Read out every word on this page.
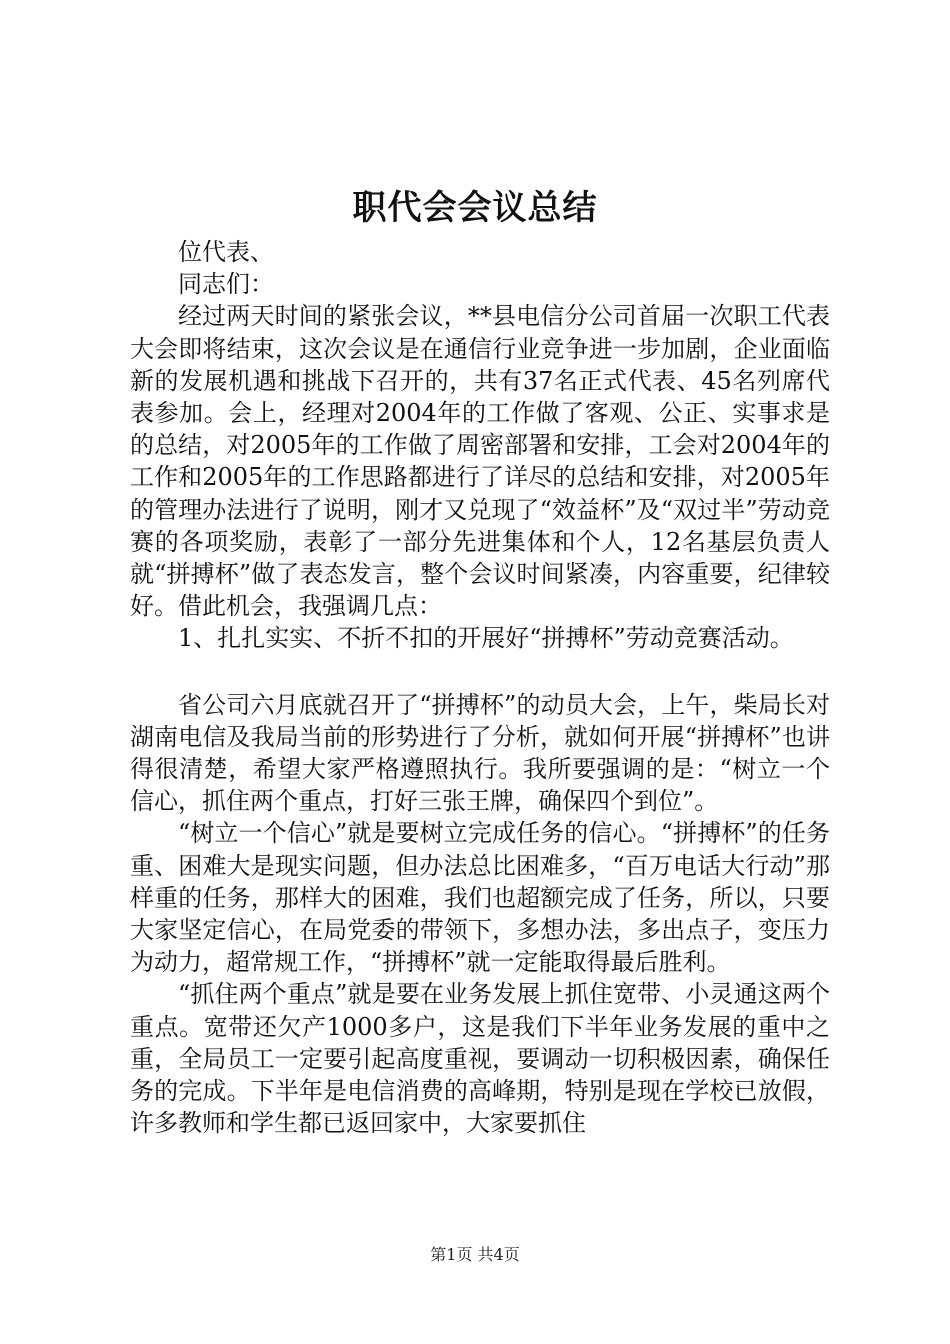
职代会会议总结

位代表、

同志们：

经过两天时间的紧张会议，**县电信分公司首届一次职工代表大会即将结束，这次会议是在通信行业竞争进一步加剧，企业面临新的发展机遇和挑战下召开的，共有37名正式代表、45名列席代表参加。会上，经理对2004年的工作做了客观、公正、实事求是的总结，对2005年的工作做了周密部署和安排，工会对2004年的工作和2005年的工作思路都进行了详尽的总结和安排，对2005年的管理办法进行了说明，刚才又兑现了“效益杯”及“双过半”劳动竞赛的各项奖励，表彰了一部分先进集体和个人，12名基层负责人就“拼搏杯”做了表态发言，整个会议时间紧凑，内容重要，纪律较好。借此机会，我强调几点：

1、扎扎实实、不折不扣的开展好“拼搏杯”劳动竞赛活动。

省公司六月底就召开了“拼搏杯”的动员大会，上午，柴局长对湖南电信及我局当前的形势进行了分析，就如何开展“拼搏杯”也讲得很清楚，希望大家严格遵照执行。我所要强调的是：“树立一个信心，抓住两个重点，打好三张王牌，确保四个到位”。

“树立一个信心”就是要树立完成任务的信心。“拼搏杯”的任务重、困难大是现实问题，但办法总比困难多，“百万电话大行动”那样重的任务，那样大的困难，我们也超额完成了任务，所以，只要大家坚定信心，在局党委的带领下，多想办法，多出点子，变压力为动力，超常规工作，“拼搏杯”就一定能取得最后胜利。

“抓住两个重点”就是要在业务发展上抓住宽带、小灵通这两个重点。宽带还欠产1000多户，这是我们下半年业务发展的重中之重，全局员工一定要引起高度重视，要调动一切积极因素，确保任务的完成。下半年是电信消费的高峰期，特别是现在学校已放假，许多教师和学生都已返回家中，大家要抓住

第1页 共4页
